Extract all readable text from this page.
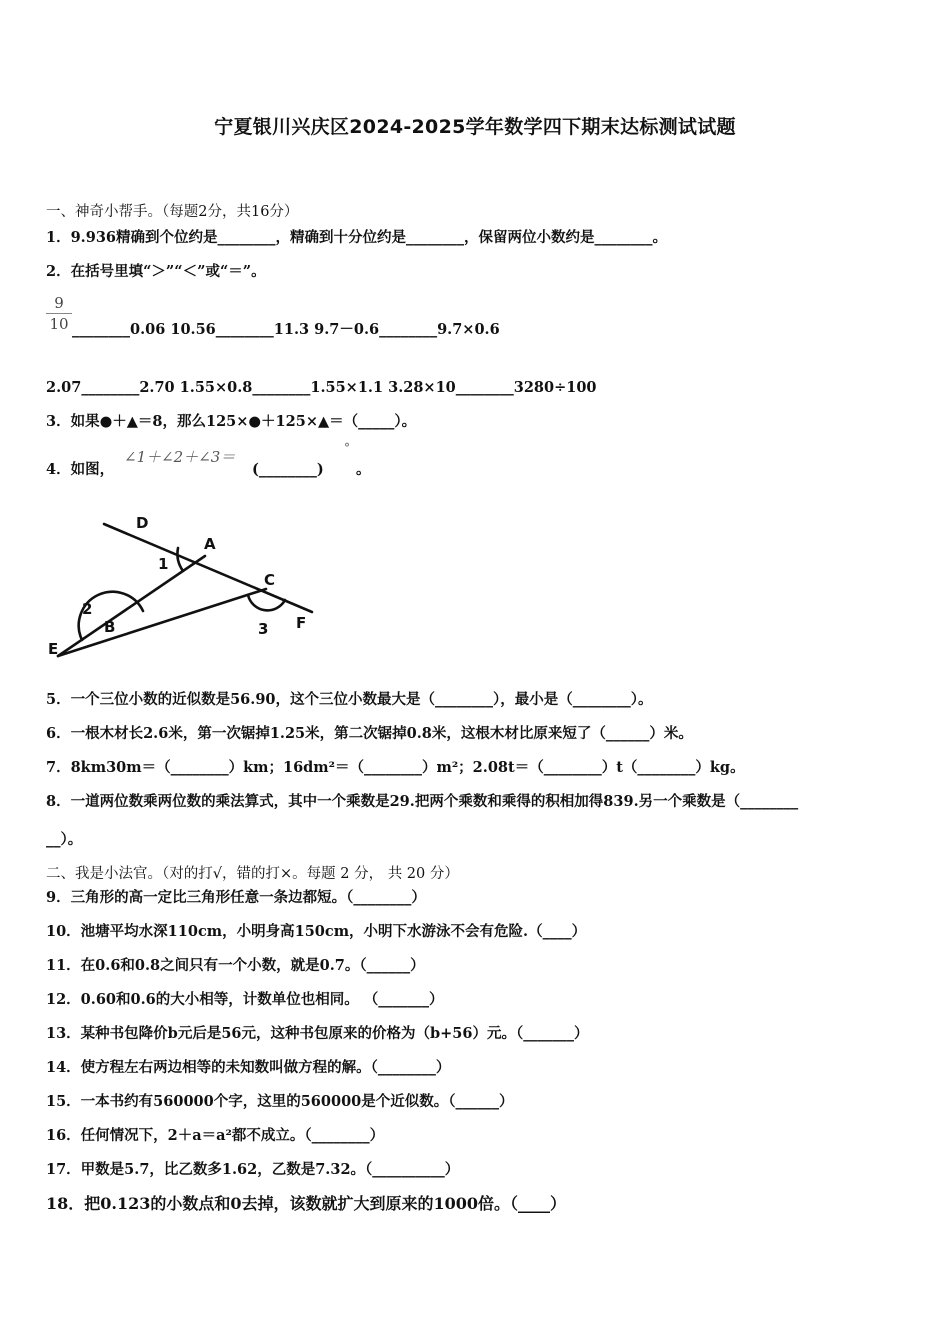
宁夏银川兴庆区2024-2025学年数学四下期末达标测试试题
一、神奇小帮手。（每题2分，共16分）
1．9.936精确到个位约是________，精确到十分位约是________，保留两位小数约是________。
2．在括号里填“＞”“＜”或“＝”。
9
10 ________0.06 10.56________11.3 9.7－0.6________9.7×0.6
2.07________2.70 1.55×0.8________1.55×1.1 3.28×10________3280÷100
3．如果●＋▲＝8，那么125×●＋125×▲＝（_____）。
4．如图，
∠1＋∠2＋∠3＝
(________)
°
。
D
A
1
C
2
B	3 F
E
5．一个三位小数的近似数是56.90，这个三位小数最大是（________），最小是（________）。
6．一根木材长2.6米，第一次锯掉1.25米，第二次锯掉0.8米，这根木材比原来短了（______）米。
7．8km30m＝（________）km；16dm²＝（________）m²；2.08t＝（________）t（________）kg。
8．一道两位数乘两位数的乘法算式，其中一个乘数是29.把两个乘数和乘得的积相加得839.另一个乘数是（________
__）。
二、我是小法官。（对的打√，错的打×。每题 2 分， 共 20 分）
9．三角形的高一定比三角形任意一条边都短。（________）
10．池塘平均水深110cm，小明身高150cm，小明下水游泳不会有危险.（____）
11．在0.6和0.8之间只有一个小数，就是0.7。（______）
12．0.60和0.6的大小相等，计数单位也相同。 （_______）
13．某种书包降价b元后是56元，这种书包原来的价格为（b+56）元。（_______）
14．使方程左右两边相等的未知数叫做方程的解。（________）
15．一本书约有560000个字，这里的560000是个近似数。（______）
16．任何情况下，2＋a＝a²都不成立。（________）
17．甲数是5.7，比乙数多1.62，乙数是7.32。（__________）
18．把0.123的小数点和0去掉，该数就扩大到原来的1000倍。（____）
